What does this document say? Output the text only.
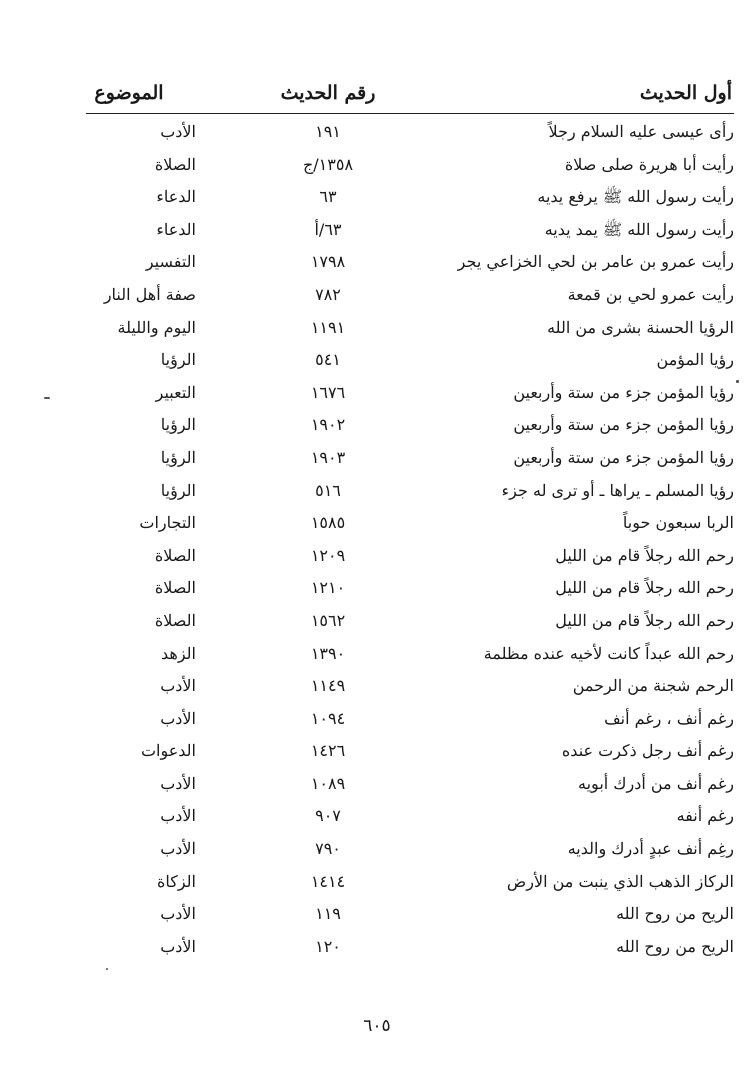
أول الحديث
رقم الحديث
الموضوع
رأى عيسى عليه السلام رجلاً
١٩١
الأدب
رأيت أبا هريرة صلى صلاة
١٣٥٨/ج
الصلاة
رأيت رسول الله ﷺ يرفع يديه
٦٣
الدعاء
رأيت رسول الله ﷺ يمد يديه
٦٣/أ
الدعاء
رأيت عمرو بن عامر بن لحي الخزاعي يجر
١٧٩٨
التفسير
رأيت عمرو لحي بن قمعة
٧٨٢
صفة أهل النار
الرؤيا الحسنة بشرى من الله
١١٩١
اليوم والليلة
رؤيا المؤمن
٥٤١
الرؤيا
رؤيا المؤمن جزء من ستة وأربعين
١٦٧٦
التعبير
رؤيا المؤمن جزء من ستة وأربعين
١٩٠٢
الرؤيا
رؤيا المؤمن جزء من ستة وأربعين
١٩٠٣
الرؤيا
رؤيا المسلم ـ يراها ـ أو ترى له جزء
٥١٦
الرؤيا
الربا سبعون حوباً
١٥٨٥
التجارات
رحم الله رجلاً قام من الليل
١٢٠٩
الصلاة
رحم الله رجلاً قام من الليل
١٢١٠
الصلاة
رحم الله رجلاً قام من الليل
١٥٦٢
الصلاة
رحم الله عبداً كانت لأخيه عنده مظلمة
١٣٩٠
الزهد
الرحم شجنة من الرحمن
١١٤٩
الأدب
رغم أنف ، رغم أنف
١٠٩٤
الأدب
رغم أنف رجل ذكرت عنده
١٤٢٦
الدعوات
رغم أنف من أدرك أبويه
١٠٨٩
الأدب
رغم أنفه
٩٠٧
الأدب
رغِم أنف عبدٍ أدرك والديه
٧٩٠
الأدب
الركاز الذهب الذي ينبت من الأرض
١٤١٤
الزكاة
الريح من روح الله
١١٩
الأدب
الريح من روح الله
١٢٠
الأدب
٦٠٥
